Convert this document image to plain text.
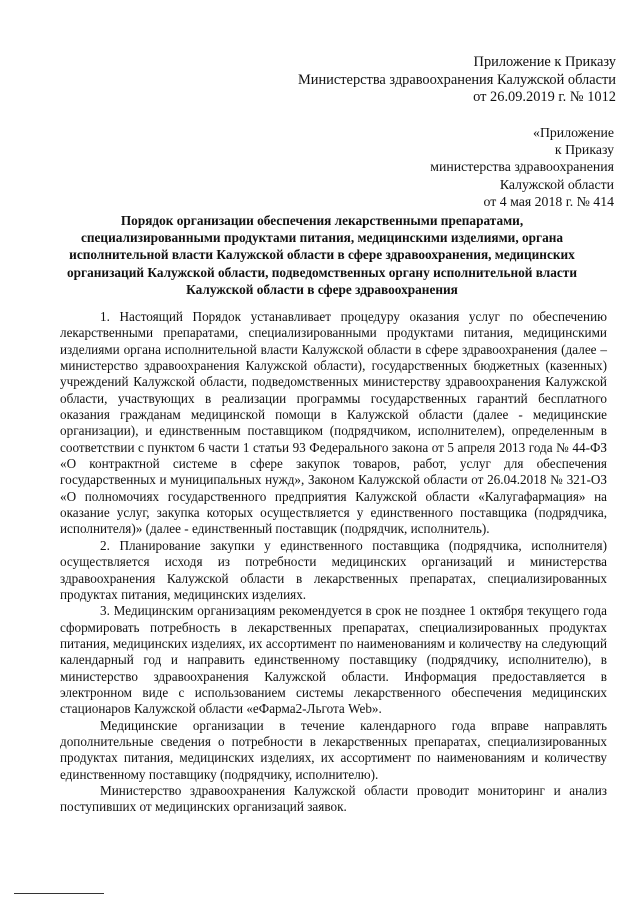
Приложение к Приказу
Министерства здравоохранения Калужской области
от 26.09.2019 г. № 1012
«Приложение
к Приказу
министерства здравоохранения
Калужской области
от 4 мая 2018 г. № 414
Порядок организации обеспечения лекарственными препаратами, специализированными продуктами питания, медицинскими изделиями, органа исполнительной власти Калужской области в сфере здравоохранения, медицинских организаций Калужской области, подведомственных органу исполнительной власти Калужской области в сфере здравоохранения

1. Настоящий Порядок устанавливает процедуру оказания услуг по обеспечению лекарственными препаратами, специализированными продуктами питания, медицинскими изделиями органа исполнительной власти Калужской области в сфере здравоохранения (далее – министерство здравоохранения Калужской области), государственных бюджетных (казенных) учреждений Калужской области, подведомственных министерству здравоохранения Калужской области, участвующих в реализации программы государственных гарантий бесплатного оказания гражданам медицинской помощи в Калужской области (далее - медицинские организации), и единственным поставщиком (подрядчиком, исполнителем), определенным в соответствии с пунктом 6 части 1 статьи 93 Федерального закона от 5 апреля 2013 года № 44-ФЗ «О контрактной системе в сфере закупок товаров, работ, услуг для обеспечения государственных и муниципальных нужд», Законом Калужской области от 26.04.2018 № 321-ОЗ «О полномочиях государственного предприятия Калужской области «Калугафармация» на оказание услуг, закупка которых осуществляется у единственного поставщика (подрядчика, исполнителя)» (далее - единственный поставщик (подрядчик, исполнитель).

2. Планирование закупки у единственного поставщика (подрядчика, исполнителя) осуществляется исходя из потребности медицинских организаций и министерства здравоохранения Калужской области в лекарственных препаратах, специализированных продуктах питания, медицинских изделиях.

3. Медицинским организациям рекомендуется в срок не позднее 1 октября текущего года сформировать потребность в лекарственных препаратах, специализированных продуктах питания, медицинских изделиях, их ассортимент по наименованиям и количеству на следующий календарный год и направить единственному поставщику (подрядчику, исполнителю), в министерство здравоохранения Калужской области. Информация предоставляется в электронном виде с использованием системы лекарственного обеспечения медицинских стационаров Калужской области «еФарма2-Льгота Web».

Медицинские организации в течение календарного года вправе направлять дополнительные сведения о потребности в лекарственных препаратах, специализированных продуктах питания, медицинских изделиях, их ассортимент по наименованиям и количеству единственному поставщику (подрядчику, исполнителю).

Министерство здравоохранения Калужской области проводит мониторинг и анализ поступивших от медицинских организаций заявок.
